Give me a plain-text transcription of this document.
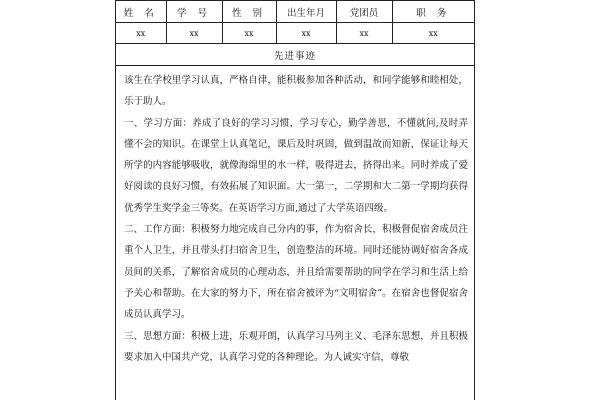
姓 名	学 号	性 别	出生年月	党团员	职 务
xx	xx	xx	xx	xx	xx
先进事迹					

该生在学校里学习认真，严格自律，能积极参加各种活动，和同学能够和睦相处，乐于助人。

一、学习方面：养成了良好的学习习惯，学习专心，勤学善思，不懂就问,及时弄懂不会的知识。在课堂上认真笔记，课后及时巩固，做到温故而知新，保证让每天所学的内容能够吸收，就像海绵里的水一样，吸得进去，挤得出来。同时养成了爱好阅读的良好习惯，有效拓展了知识面。大一第一，二学期和大二第一学期均获得优秀学生奖学金三等奖。在英语学习方面,通过了大学英语四级。

二、工作方面：积极努力地完成自己分内的事，作为宿舍长，积极督促宿舍成员注重个人卫生，并且带头打扫宿舍卫生，创造整洁的环境。同时还能协调好宿舍各成员间的关系，了解宿舍成员的心理动态，并且给需要帮助的同学在学习和生活上给予关心和帮助。在大家的努力下，所在宿舍被评为“文明宿舍”。在宿舍也督促宿舍成员认真学习。

三、思想方面：积极上进，乐观开朗，认真学习马列主义、毛泽东思想，并且积极要求加入中国共产党，认真学习党的各种理论。为人诚实守信，尊敬
